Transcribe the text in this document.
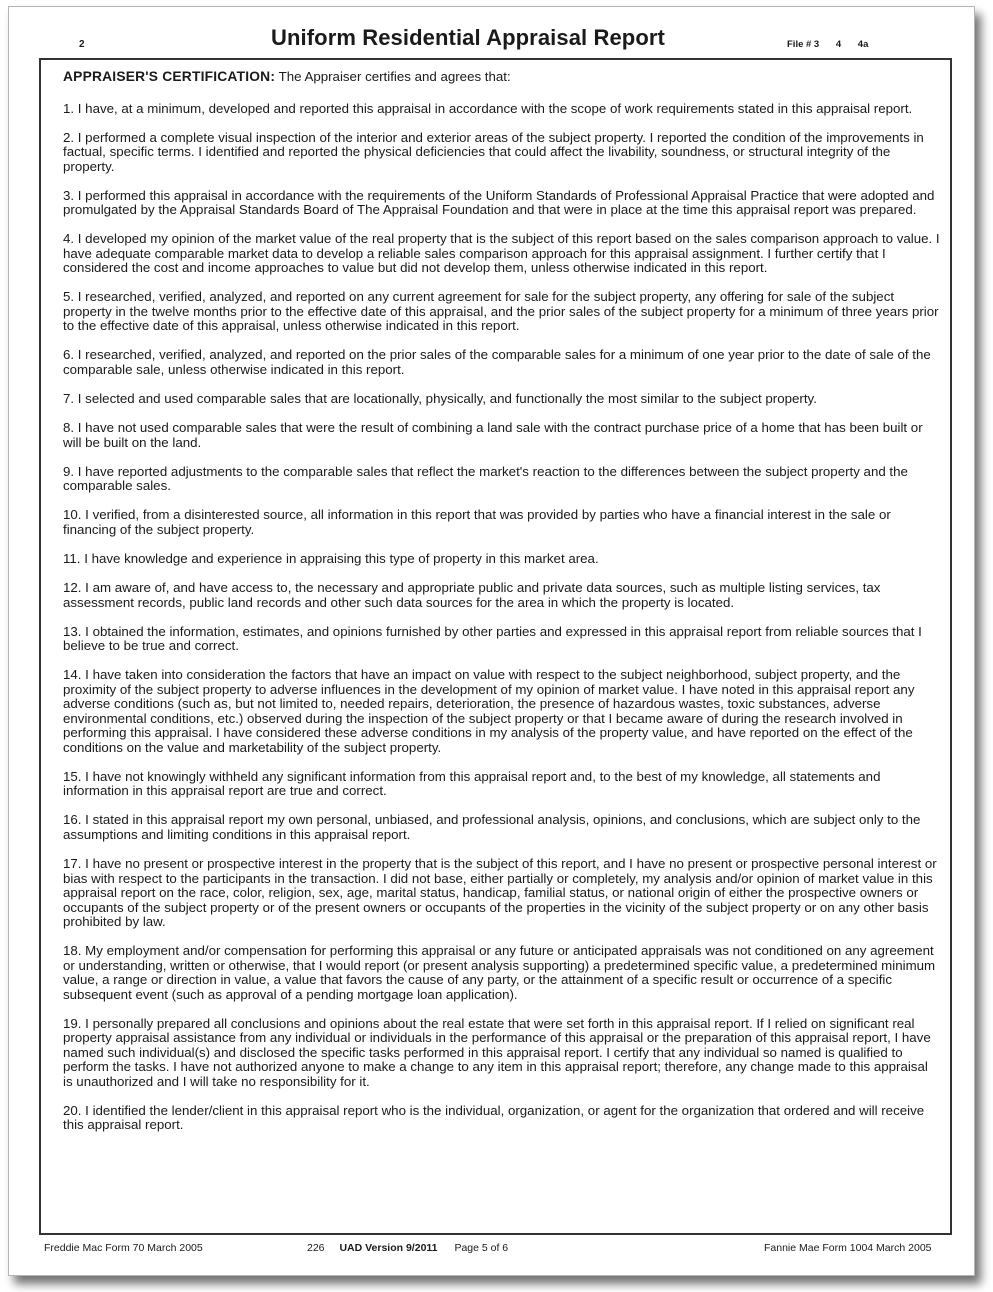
2	Uniform Residential Appraisal Report	File # 3 4 4a

APPRAISER'S CERTIFICATION: The Appraiser certifies and agrees that:

1. I have, at a minimum, developed and reported this appraisal in accordance with the scope of work requirements stated in this appraisal report.

2. I performed a complete visual inspection of the interior and exterior areas of the subject property. I reported the condition of the improvements in factual, specific terms. I identified and reported the physical deficiencies that could affect the livability, soundness, or structural integrity of the property.

3. I performed this appraisal in accordance with the requirements of the Uniform Standards of Professional Appraisal Practice that were adopted and promulgated by the Appraisal Standards Board of The Appraisal Foundation and that were in place at the time this appraisal report was prepared.

4. I developed my opinion of the market value of the real property that is the subject of this report based on the sales comparison approach to value. I have adequate comparable market data to develop a reliable sales comparison approach for this appraisal assignment. I further certify that I considered the cost and income approaches to value but did not develop them, unless otherwise indicated in this report.

5. I researched, verified, analyzed, and reported on any current agreement for sale for the subject property, any offering for sale of the subject property in the twelve months prior to the effective date of this appraisal, and the prior sales of the subject property for a minimum of three years prior to the effective date of this appraisal, unless otherwise indicated in this report.

6. I researched, verified, analyzed, and reported on the prior sales of the comparable sales for a minimum of one year prior to the date of sale of the comparable sale, unless otherwise indicated in this report.

7. I selected and used comparable sales that are locationally, physically, and functionally the most similar to the subject property.

8. I have not used comparable sales that were the result of combining a land sale with the contract purchase price of a home that has been built or will be built on the land.

9. I have reported adjustments to the comparable sales that reflect the market's reaction to the differences between the subject property and the comparable sales.

10. I verified, from a disinterested source, all information in this report that was provided by parties who have a financial interest in the sale or financing of the subject property.

11. I have knowledge and experience in appraising this type of property in this market area.

12. I am aware of, and have access to, the necessary and appropriate public and private data sources, such as multiple listing services, tax assessment records, public land records and other such data sources for the area in which the property is located.

13. I obtained the information, estimates, and opinions furnished by other parties and expressed in this appraisal report from reliable sources that I believe to be true and correct.

14. I have taken into consideration the factors that have an impact on value with respect to the subject neighborhood, subject property, and the proximity of the subject property to adverse influences in the development of my opinion of market value. I have noted in this appraisal report any adverse conditions (such as, but not limited to, needed repairs, deterioration, the presence of hazardous wastes, toxic substances, adverse environmental conditions, etc.) observed during the inspection of the subject property or that I became aware of during the research involved in performing this appraisal. I have considered these adverse conditions in my analysis of the property value, and have reported on the effect of the conditions on the value and marketability of the subject property.

15. I have not knowingly withheld any significant information from this appraisal report and, to the best of my knowledge, all statements and information in this appraisal report are true and correct.

16. I stated in this appraisal report my own personal, unbiased, and professional analysis, opinions, and conclusions, which are subject only to the assumptions and limiting conditions in this appraisal report.

17. I have no present or prospective interest in the property that is the subject of this report, and I have no present or prospective personal interest or bias with respect to the participants in the transaction. I did not base, either partially or completely, my analysis and/or opinion of market value in this appraisal report on the race, color, religion, sex, age, marital status, handicap, familial status, or national origin of either the prospective owners or occupants of the subject property or of the present owners or occupants of the properties in the vicinity of the subject property or on any other basis prohibited by law.

18. My employment and/or compensation for performing this appraisal or any future or anticipated appraisals was not conditioned on any agreement or understanding, written or otherwise, that I would report (or present analysis supporting) a predetermined specific value, a predetermined minimum value, a range or direction in value, a value that favors the cause of any party, or the attainment of a specific result or occurrence of a specific subsequent event (such as approval of a pending mortgage loan application).

19. I personally prepared all conclusions and opinions about the real estate that were set forth in this appraisal report. If I relied on significant real property appraisal assistance from any individual or individuals in the performance of this appraisal or the preparation of this appraisal report, I have named such individual(s) and disclosed the specific tasks performed in this appraisal report. I certify that any individual so named is qualified to perform the tasks. I have not authorized anyone to make a change to any item in this appraisal report; therefore, any change made to this appraisal is unauthorized and I will take no responsibility for it.

20. I identified the lender/client in this appraisal report who is the individual, organization, or agent for the organization that ordered and will receive this appraisal report.

Freddie Mac Form 70 March 2005	226 UAD Version 9/2011 Page 5 of 6	Fannie Mae Form 1004 March 2005
